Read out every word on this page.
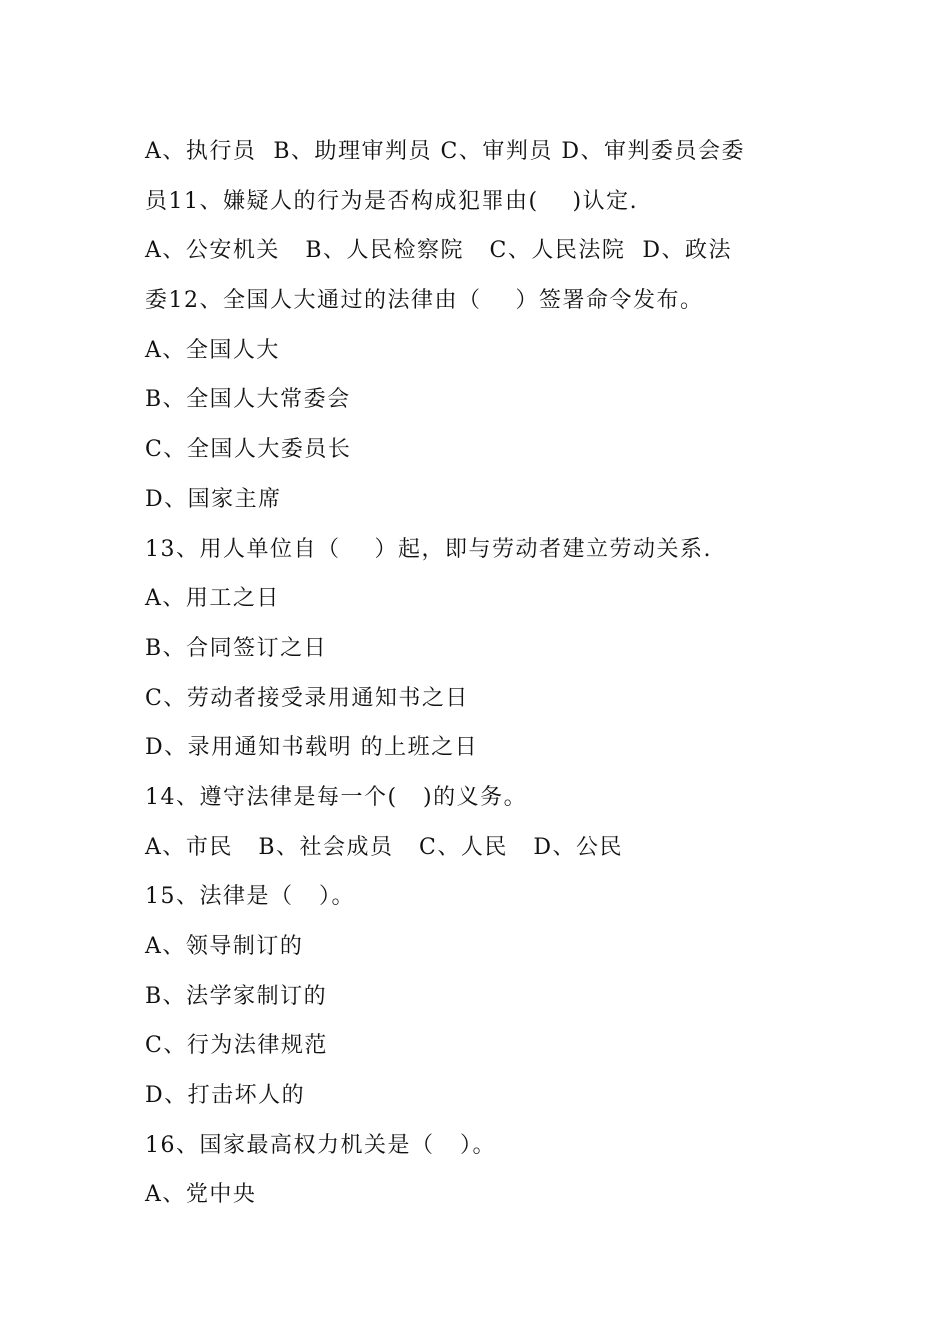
A、执行员  B、助理审判员 C、审判员 D、审判委员会委
员11、嫌疑人的行为是否构成犯罪由(    )认定.
A、公安机关   B、人民检察院   C、人民法院  D、政法
委12、全国人大通过的法律由（    ）签署命令发布。
A、全国人大
B、全国人大常委会
C、全国人大委员长
D、国家主席
13、用人单位自（    ）起，即与劳动者建立劳动关系.
A、用工之日
B、合同签订之日
C、劳动者接受录用通知书之日
D、录用通知书载明 的上班之日
14、遵守法律是每一个(   )的义务。
A、市民   B、社会成员   C、人民   D、公民
15、法律是（   ）。
A、领导制订的
B、法学家制订的
C、行为法律规范
D、打击坏人的
16、国家最高权力机关是（   ）。
A、党中央
